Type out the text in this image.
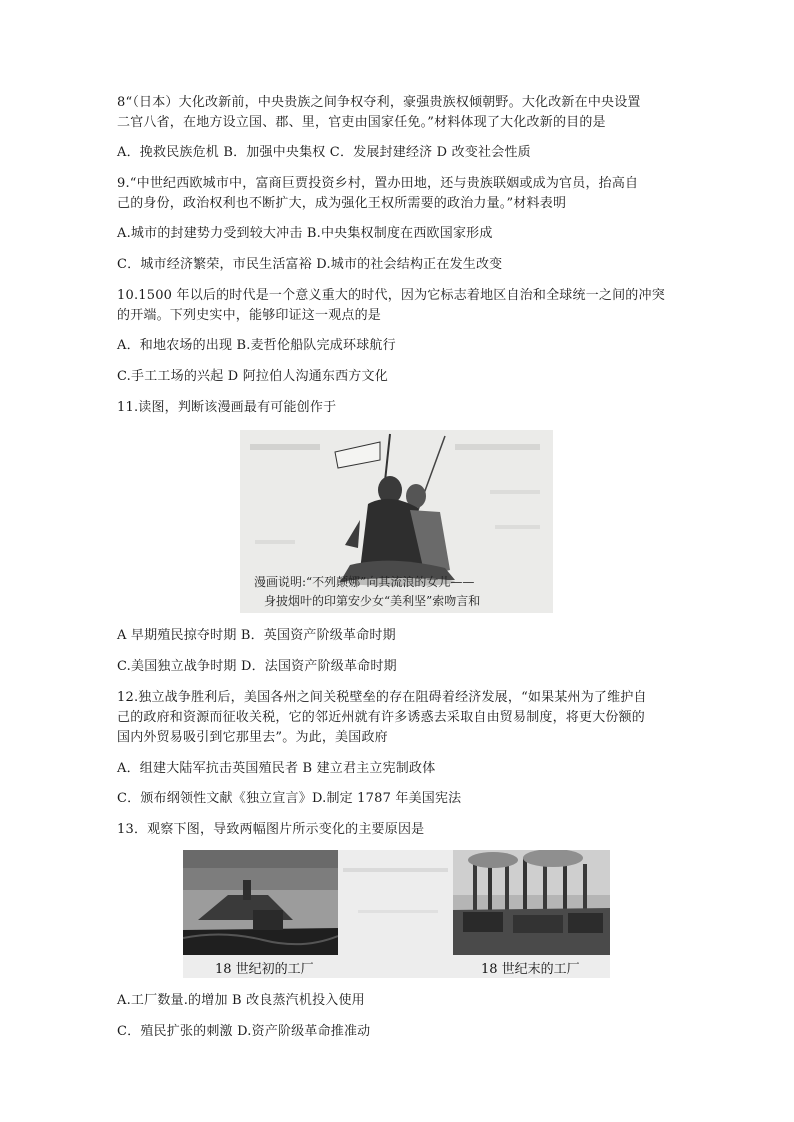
8“（日本）大化改新前，中央贵族之间争权夺利，豪强贵族权倾朝野。大化改新在中央设置
二官八省，在地方设立国、郡、里，官吏由国家任免。”材料体现了大化改新的目的是
A．挽救民族危机 B．加强中央集权 C．发展封建经济 D 改变社会性质
9.“中世纪西欧城市中，富商巨贾投资乡村，置办田地，还与贵族联姻或成为官员，抬高自
己的身份，政治权利也不断扩大，成为强化王权所需要的政治力量。”材料表明
A.城市的封建势力受到较大冲击 B.中央集权制度在西欧国家形成
C．城市经济繁荣，市民生活富裕 D.城市的社会结构正在发生改变
10.1500 年以后的时代是一个意义重大的时代，因为它标志着地区自治和全球统一之间的冲突
的开端。下列史实中，能够印证这一观点的是
A．和地农场的出现 B.麦哲伦船队完成环球航行
C.手工工场的兴起 D 阿拉伯人沟通东西方文化
11.读图，判断该漫画最有可能创作于
漫画说明:“不列颠娜”向其流浪的女儿——
身披烟叶的印第安少女“美利坚”索吻言和
A 早期殖民掠夺时期 B．英国资产阶级革命时期
C.美国独立战争时期 D．法国资产阶级革命时期
12.独立战争胜利后，美国各州之间关税壁垒的存在阻碍着经济发展，“如果某州为了维护自
己的政府和资源而征收关税，它的邻近州就有许多诱惑去采取自由贸易制度，将更大份额的
国内外贸易吸引到它那里去”。为此，美国政府
A．组建大陆军抗击英国殖民者 B 建立君主立宪制政体
C．颁布纲领性文献《独立宣言》D.制定 1787 年美国宪法
13．观察下图，导致两幅图片所示变化的主要原因是
18 世纪初的工厂	18 世纪末的工厂
A.工厂数量.的增加 B 改良蒸汽机投入使用
C．殖民扩张的刺激 D.资产阶级革命推准动
